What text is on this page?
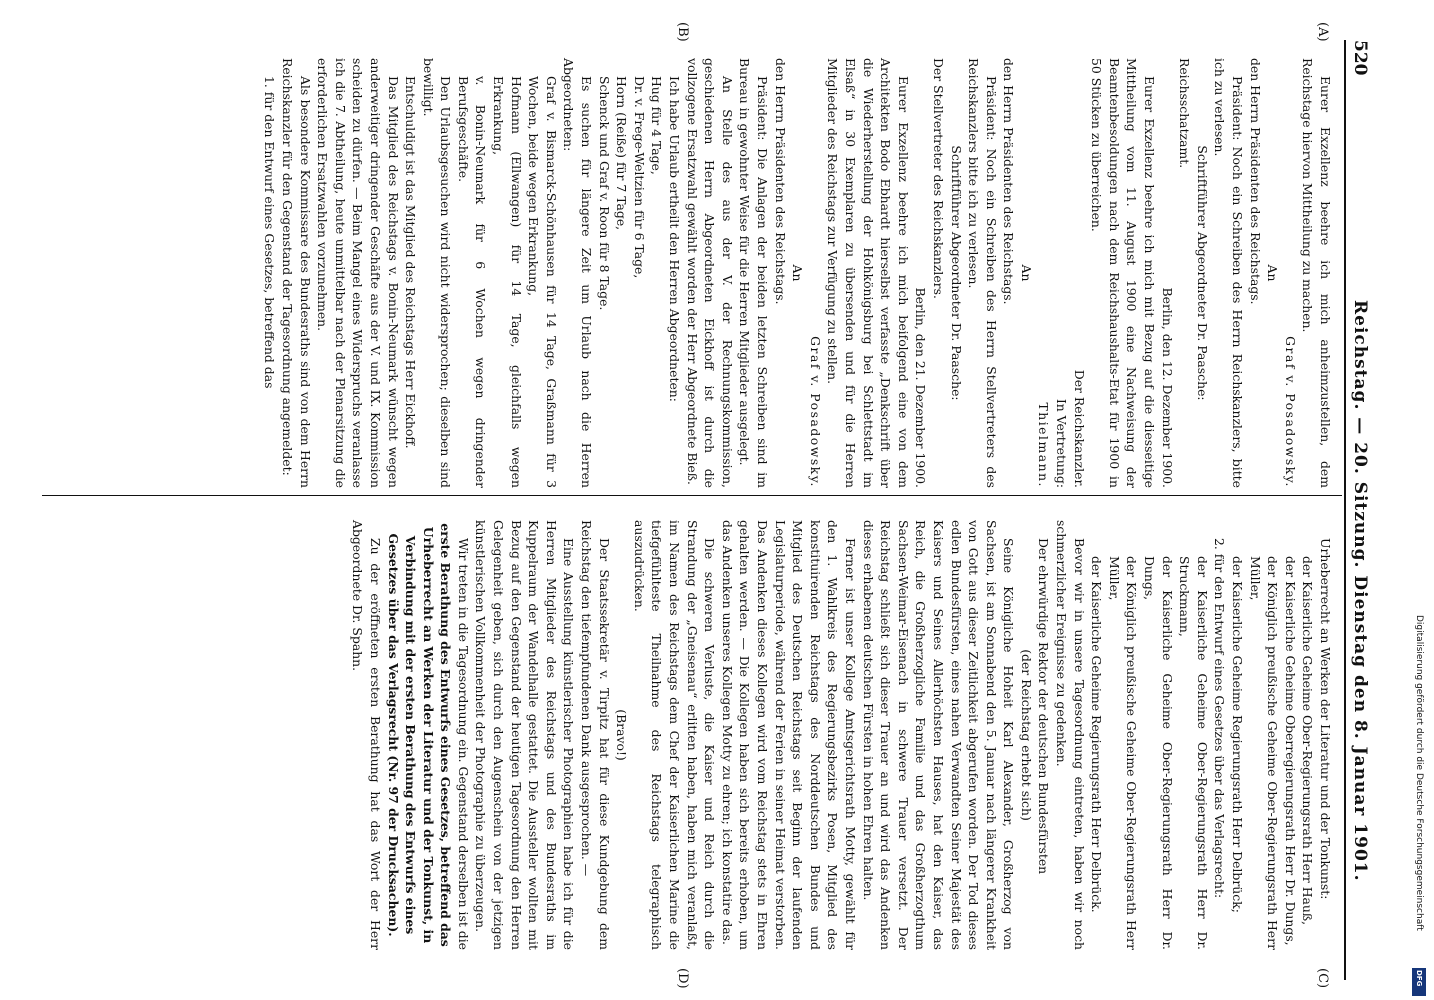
520
Reichstag. — 20. Sitzung. Dienstag den 8. Januar 1901.
(A)
(B)
(C)
(D)

Eurer Exzellenz beehre ich mich anheimzustellen, dem Reichstage hiervon Mittheilung zu machen.

Graf v. Posadowsky.

An

den Herrn Präsidenten des Reichstags.

Präsident: Noch ein Schreiben des Herrn Reichskanzlers, bitte ich zu verlesen.

Schriftführer Abgeordneter Dr. Paasche:

Reichsschatzamt.

Berlin, den 12. Dezember 1900.

Eurer Exzellenz beehre ich mich mit Bezug auf die diesseitige Mittheilung vom 11. August 1900 eine Nachweisung der Beamtenbesoldungen nach dem Reichshaushalts-Etat für 1900 in 50 Stücken zu überreichen.

Der Reichskanzler.

In Vertretung:

Thielmann.

An

den Herrn Präsidenten des Reichstags.

Präsident: Noch ein Schreiben des Herrn Stellvertreters des Reichskanzlers bitte ich zu verlesen.

Schriftführer Abgeordneter Dr. Paasche:

Der Stellvertreter des Reichskanzlers.

Berlin, den 21. Dezember 1900.

Eurer Exzellenz beehre ich mich beifolgend eine von dem Architekten Bodo Ebhardt hierselbst verfasste „Denkschrift über die Wiederherstellung der Hohkönigsburg bei Schlettstadt im Elsaß“ in 30 Exemplaren zu übersenden und für die Herren Mitglieder des Reichstags zur Verfügung zu stellen.

Graf v. Posadowsky.

An

den Herrn Präsidenten des Reichstags.

Präsident: Die Anlagen der beiden letzten Schreiben sind im Bureau in gewohnter Weise für die Herren Mitglieder ausgelegt.

An Stelle des aus der V. der Rechnungskommission, geschiedenen Herrn Abgeordneten Eickhoff ist durch die vollzogene Ersatzwahl gewählt worden der Herr Abgeordnete Bieß.

Ich habe Urlaub ertheilt den Herren Abgeordneten:

Hug für 4 Tage,

Dr. v. Frege-Weltzien für 6 Tage,

Horn (Reiße) für 7 Tage,

Schenck und Graf v. Roon für 8 Tage.

Es suchen für längere Zeit um Urlaub nach die Herren Abgeordneten:

Graf v. Bismarck-Schönhausen für 14 Tage, Graßmann für 3 Wochen, beide wegen Erkrankung,

Hofmann (Ellwangen) für 14 Tage, gleichfalls wegen Erkrankung,

v. Bonin-Neumark für 6 Wochen wegen dringender Berufsgeschäfte.

Den Urlaubsgesuchen wird nicht widersprochen; dieselben sind bewilligt.

Entschuldigt ist das Mitglied des Reichstags Herr Eickhoff.

Das Mitglied des Reichstags v. Bonin-Neumark wünscht wegen anderweitiger dringender Geschäfte aus der V. und IX. Kommission scheiden zu dürfen. — Beim Mangel eines Widerspruchs veranlasse ich die 7. Abtheilung, heute unmittelbar nach der Plenarsitzung die erforderlichen Ersatzwahlen vorzunehmen.

Als besondere Kommissare des Bundesraths sind von dem Herrn Reichskanzler für den Gegenstand der Tagesordnung angemeldet:

1. für den Entwurf eines Gesetzes, betreffend das

Urheberrecht an Werken der Literatur und der Tonkunst:

der Kaiserliche Geheime Ober-Regierungsrath Herr Hauß,

der Kaiserliche Geheime Oberregierungsrath Herr Dr. Dungs,

der Königlich preußische Geheime Ober-Regierungsrath Herr Müller,

der Kaiserliche Geheime Regierungsrath Herr Delbrück;

2. für den Entwurf eines Gesetzes über das Verlagsrecht:

der Kaiserliche Geheime Ober-Regierungsrath Herr Dr. Struckmann,

der Kaiserliche Geheime Ober-Regierungsrath Herr Dr. Dungs,

der Königlich preußische Geheime Ober-Regierungsrath Herr Müller,

der Kaiserliche Geheime Regierungsrath Herr Delbrück.

Bevor wir in unsere Tagesordnung eintreten, haben wir noch schmerzlicher Ereignisse zu gedenken.

Der ehrwürdige Rektor der deutschen Bundesfürsten

(der Reichstag erhebt sich)

Seine Königliche Hoheit Karl Alexander, Großherzog von Sachsen, ist am Sonnabend den 5. Januar nach längerer Krankheit von Gott aus dieser Zeitlichkeit abgerufen worden. Der Tod dieses edlen Bundesfürsten, eines nahen Verwandten Seiner Majestät des Kaisers und Seines Allerhöchsten Hauses, hat den Kaiser, das Reich, die Großherzogliche Familie und das Großherzogthum Sachsen-Weimar-Eisenach in schwere Trauer versetzt. Der Reichstag schließt sich dieser Trauer an und wird das Andenken dieses erhabenen deutschen Fürsten in hohen Ehren halten.

Ferner ist unser Kollege Amtsgerichtsrath Motty, gewählt für den 1. Wahlkreis des Regierungsbezirks Posen, Mitglied des konstituirenden Reichstags des Norddeutschen Bundes und Mitglied des Deutschen Reichstags seit Beginn der laufenden Legislaturperiode, während der Ferien in seiner Heimat verstorben. Das Andenken dieses Kollegen wird vom Reichstag stets in Ehren gehalten werden. — Die Kollegen haben sich bereits erhoben, um das Andenken unseres Kollegen Motty zu ehren; ich konstatire das.

Die schweren Verluste, die Kaiser und Reich durch die Strandung der „Gneisenau“ erlitten haben, haben mich veranlaßt, im Namen des Reichstags dem Chef der Kaiserlichen Marine die tiefgefühlteste Theilnahme des Reichstags telegraphisch auszudrücken.

(Bravo!)

Der Staatssekretär v. Tirpitz hat für diese Kundgebung dem Reichstag den tiefempfundenen Dank ausgesprochen. —

Eine Ausstellung künstlerischer Photographien habe ich für die Herren Mitglieder des Reichstags und des Bundesraths im Kuppelraum der Wandelhalle gestattet. Die Aussteller wollten mit Bezug auf den Gegenstand der heutigen Tagesordnung den Herren Gelegenheit geben, sich durch den Augenschein von der jetzigen künstlerischen Vollkommenheit der Photographie zu überzeugen.

Wir treten in die Tagesordnung ein. Gegenstand derselben ist die

erste Berathung des Entwurfs eines Gesetzes, betreffend das Urheberrecht an Werken der Literatur und der Tonkunst, in Verbindung mit der ersten Berathung des Entwurfs eines Gesetzes über das Verlagsrecht (Nr. 97 der Drucksachen).

Zu der eröffneten ersten Berathung hat das Wort der Herr Abgeordnete Dr. Spahn.

Digitalisierung gefördert durch die Deutsche Forschungsgemeinschaft
DFG
